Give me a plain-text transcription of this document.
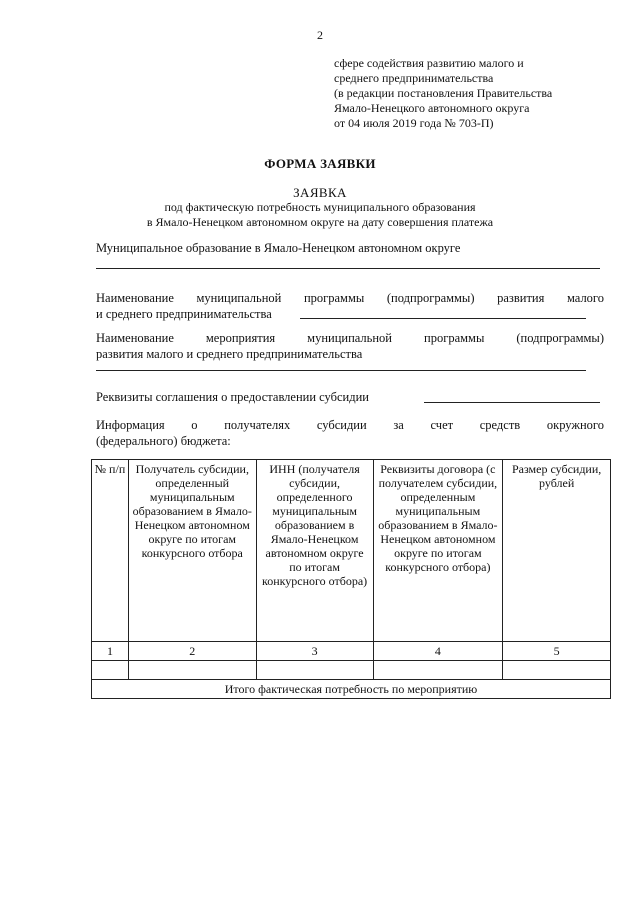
2
сфере содействия развитию малого и
среднего предпринимательства
(в редакции постановления Правительства
Ямало-Ненецкого автономного округа
от 04 июля 2019 года № 703-П)
ФОРМА ЗАЯВКИ
ЗАЯВКА
под фактическую потребность муниципального образования
в Ямало-Ненецком автономном округе на дату совершения платежа
Муниципальное образование в Ямало-Ненецком автономном округе
Наименование муниципальной программы (подпрограммы) развития малого
и среднего предпринимательства
Наименование мероприятия муниципальной программы (подпрограммы)
развития малого и среднего предпринимательства
Реквизиты соглашения о предоставлении субсидии
Информация о получателях субсидии за счет средств окружного
(федерального) бюджета:
№ п/п	Получатель субсидии, определенный муниципальным образованием в Ямало-Ненецком автономном округе по итогам конкурсного отбора	ИНН (получателя субсидии, определенного муниципальным образованием в Ямало-Ненецком автономном округе по итогам конкурсного отбора)	Реквизиты договора (с получателем субсидии, определенным муниципальным образованием в Ямало-Ненецком автономном округе по итогам конкурсного отбора)	Размер субсидии, рублей
1	2	3	4	5

Итого фактическая потребность по мероприятию				
